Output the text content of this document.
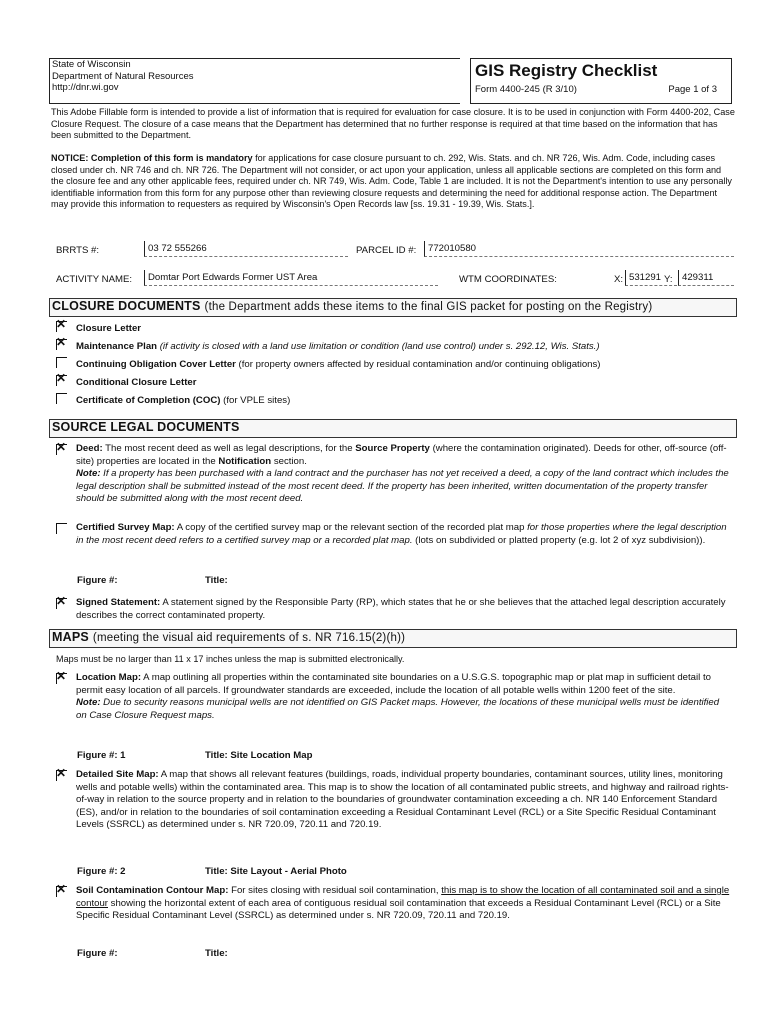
State of Wisconsin
Department of Natural Resources
http://dnr.wi.gov
GIS Registry Checklist
Form 4400-245 (R 3/10)	Page 1 of 3
This Adobe Fillable form is intended to provide a list of information that is required for evaluation for case closure. It is to be used in conjunction with Form 4400-202, Case Closure Request. The closure of a case means that the Department has determined that no further response is required at that time based on the information that has been submitted to the Department.
NOTICE: Completion of this form is mandatory for applications for case closure pursuant to ch. 292, Wis. Stats. and ch. NR 726, Wis. Adm. Code, including cases closed under ch. NR 746 and ch. NR 726. The Department will not consider, or act upon your application, unless all applicable sections are completed on this form and the closure fee and any other applicable fees, required under ch. NR 749, Wis. Adm. Code, Table 1 are included. It is not the Department's intention to use any personally identifiable information from this form for any purpose other than reviewing closure requests and determining the need for additional response action. The Department may provide this information to requesters as required by Wisconsin's Open Records law [ss. 19.31 - 19.39, Wis. Stats.].
BRRTS #:	03 72 555266	PARCEL ID #:	772010580
ACTIVITY NAME:	Domtar Port Edwards Former UST Area	WTM COORDINATES:	X: 531291 Y: 429311
CLOSURE DOCUMENTS (the Department adds these items to the final GIS packet for posting on the Registry)
✕Closure Letter
✕Maintenance Plan (if activity is closed with a land use limitation or condition (land use control) under s. 292.12, Wis. Stats.)
Continuing Obligation Cover Letter (for property owners affected by residual contamination and/or continuing obligations)
✕Conditional Closure Letter
Certificate of Completion (COC) (for VPLE sites)
SOURCE LEGAL DOCUMENTS
✕
Deed: The most recent deed as well as legal descriptions, for the Source Property (where the contamination originated). Deeds for other, off-source (off-site) properties are located in the Notification section.
Note: If a property has been purchased with a land contract and the purchaser has not yet received a deed, a copy of the land contract which includes the legal description shall be submitted instead of the most recent deed. If the property has been inherited, written documentation of the property transfer should be submitted along with the most recent deed.
Certified Survey Map: A copy of the certified survey map or the relevant section of the recorded plat map for those properties where the legal description in the most recent deed refers to a certified survey map or a recorded plat map. (lots on subdivided or platted property (e.g. lot 2 of xyz subdivision)).
Figure #:	Title:
✕
Signed Statement: A statement signed by the Responsible Party (RP), which states that he or she believes that the attached legal description accurately describes the correct contaminated property.
MAPS (meeting the visual aid requirements of s. NR 716.15(2)(h))
Maps must be no larger than 11 x 17 inches unless the map is submitted electronically.
✕
Location Map: A map outlining all properties within the contaminated site boundaries on a U.S.G.S. topographic map or plat map in sufficient detail to permit easy location of all parcels. If groundwater standards are exceeded, include the location of all potable wells within 1200 feet of the site.
Note: Due to security reasons municipal wells are not identified on GIS Packet maps. However, the locations of these municipal wells must be identified on Case Closure Request maps.
Figure #: 1	Title: Site Location Map
✕
Detailed Site Map: A map that shows all relevant features (buildings, roads, individual property boundaries, contaminant sources, utility lines, monitoring wells and potable wells) within the contaminated area. This map is to show the location of all contaminated public streets, and highway and railroad rights-of-way in relation to the source property and in relation to the boundaries of groundwater contamination exceeding a ch. NR 140 Enforcement Standard (ES), and/or in relation to the boundaries of soil contamination exceeding a Residual Contaminant Level (RCL) or a Site Specific Residual Contaminant Levels (SSRCL) as determined under s. NR 720.09, 720.11 and 720.19.
Figure #: 2	Title: Site Layout - Aerial Photo
✕
Soil Contamination Contour Map: For sites closing with residual soil contamination, this map is to show the location of all contaminated soil and a single contour showing the horizontal extent of each area of contiguous residual soil contamination that exceeds a Residual Contaminant Level (RCL) or a Site Specific Residual Contaminant Level (SSRCL) as determined under s. NR 720.09, 720.11 and 720.19.
Figure #:	Title:
